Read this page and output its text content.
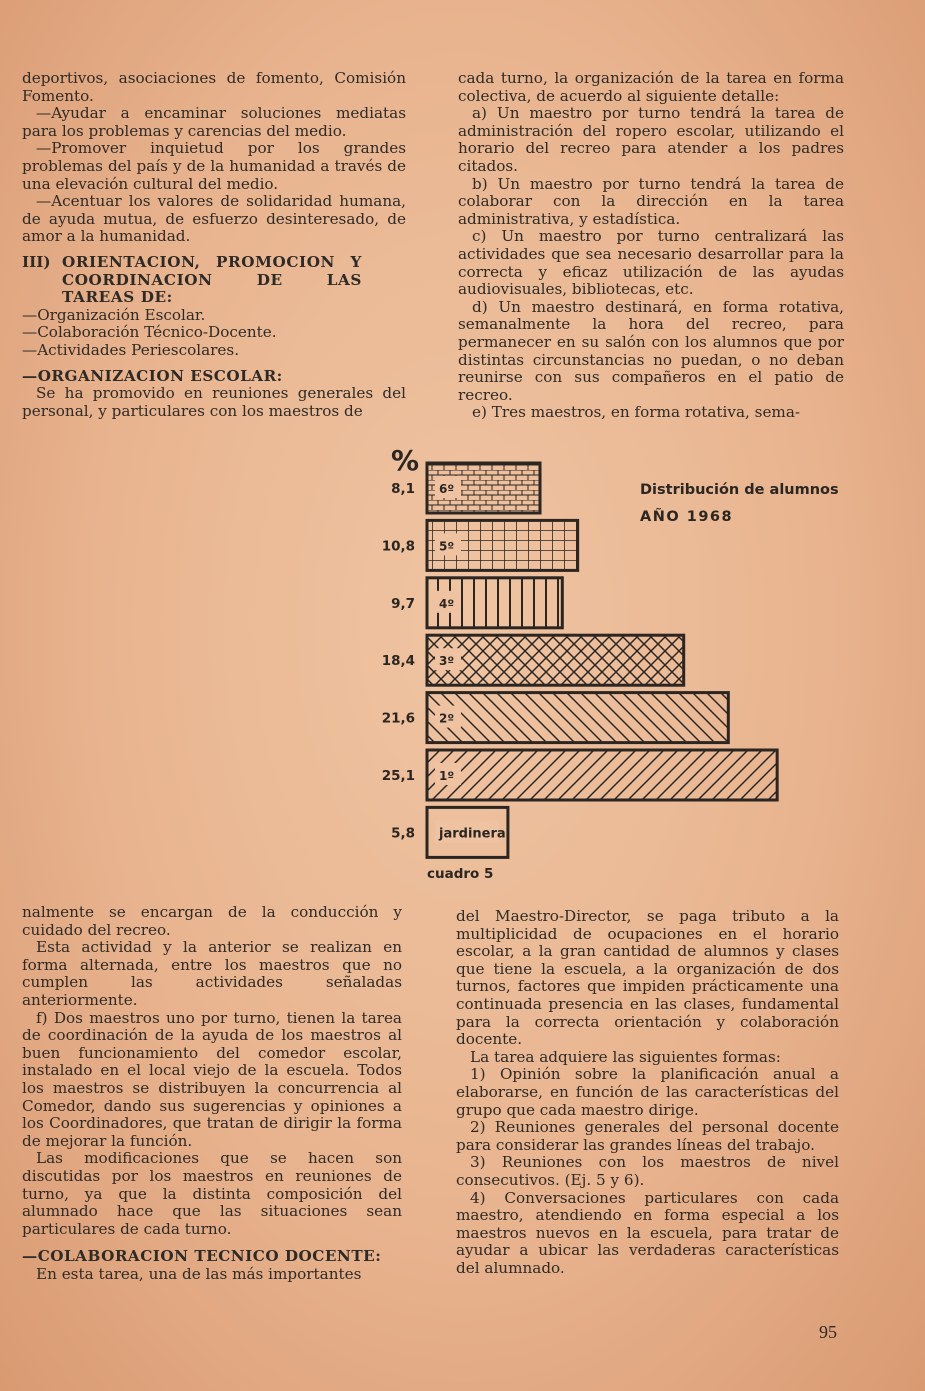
deportivos, asociaciones de fomento, Comisión Fomento.

—Ayudar a encaminar soluciones mediatas para los problemas y carencias del medio.

—Promover inquietud por los grandes problemas del país y de la humanidad a través de una elevación cultural del medio.

—Acentuar los valores de solidaridad humana, de ayuda mutua, de esfuerzo desinteresado, de amor a la humanidad.

III) ORIENTACION, PROMOCION Y COORDINACION DE LAS TAREAS DE:

—Organización Escolar.

—Colaboración Técnico-Docente.

—Actividades Periescolares.

—ORGANIZACION ESCOLAR:

Se ha promovido en reuniones generales del personal, y particulares con los maestros de

cada turno, la organización de la tarea en forma colectiva, de acuerdo al siguiente detalle:

a) Un maestro por turno tendrá la tarea de administración del ropero escolar, utilizando el horario del recreo para atender a los padres citados.

b) Un maestro por turno tendrá la tarea de colaborar con la dirección en la tarea administrativa, y estadística.

c) Un maestro por turno centralizará las actividades que sea necesario desarrollar para la correcta y eficaz utilización de las ayudas audiovisuales, bibliotecas, etc.

d) Un maestro destinará, en forma rotativa, semanalmente la hora del recreo, para permanecer en su salón con los alumnos que por distintas circunstancias no puedan, o no deban reunirse con sus compañeros en el patio de recreo.

e) Tres maestros, en forma rotativa, sema-

%
6º
8,1
5º
10,8
4º
9,7
3º
18,4
2º
21,6
1º
25,1
jardinera
5,8
Distribución de alumnos
AÑO 1968
cuadro 5

nalmente se encargan de la conducción y cuidado del recreo.

Esta actividad y la anterior se realizan en forma alternada, entre los maestros que no cumplen las actividades señaladas anteriormente.

f) Dos maestros uno por turno, tienen la tarea de coordinación de la ayuda de los maestros al buen funcionamiento del comedor escolar, instalado en el local viejo de la escuela. Todos los maestros se distribuyen la concurrencia al Comedor, dando sus sugerencias y opiniones a los Coordinadores, que tratan de dirigir la forma de mejorar la función.

Las modificaciones que se hacen son discutidas por los maestros en reuniones de turno, ya que la distinta composición del alumnado hace que las situaciones sean particulares de cada turno.

—COLABORACION TECNICO DOCENTE:

En esta tarea, una de las más importantes

del Maestro-Director, se paga tributo a la multiplicidad de ocupaciones en el horario escolar, a la gran cantidad de alumnos y clases que tiene la escuela, a la organización de dos turnos, factores que impiden prácticamente una continuada presencia en las clases, fundamental para la correcta orientación y colaboración docente.

La tarea adquiere las siguientes formas:

1) Opinión sobre la planificación anual a elaborarse, en función de las características del grupo que cada maestro dirige.

2) Reuniones generales del personal docente para considerar las grandes líneas del trabajo.

3) Reuniones con los maestros de nivel consecutivos. (Ej. 5 y 6).

4) Conversaciones particulares con cada maestro, atendiendo en forma especial a los maestros nuevos en la escuela, para tratar de ayudar a ubicar las verdaderas características del alumnado.

95
